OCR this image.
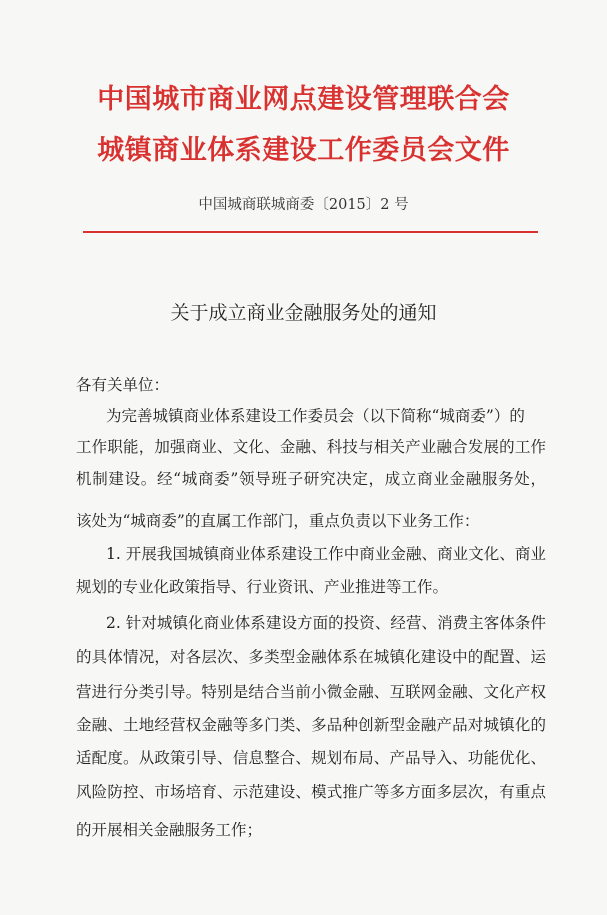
中国城市商业网点建设管理联合会
城镇商业体系建设工作委员会文件
中国城商联城商委〔2015〕2 号
关于成立商业金融服务处的通知
各有关单位：
为完善城镇商业体系建设工作委员会（以下简称“城商委”）的
工作职能，加强商业、文化、金融、科技与相关产业融合发展的工作
机制建设。经“城商委”领导班子研究决定，成立商业金融服务处，
该处为“城商委”的直属工作部门，重点负责以下业务工作：
1. 开展我国城镇商业体系建设工作中商业金融、商业文化、商业
规划的专业化政策指导、行业资讯、产业推进等工作。
2. 针对城镇化商业体系建设方面的投资、经营、消费主客体条件
的具体情况，对各层次、多类型金融体系在城镇化建设中的配置、运
营进行分类引导。特别是结合当前小微金融、互联网金融、文化产权
金融、土地经营权金融等多门类、多品种创新型金融产品对城镇化的
适配度。从政策引导、信息整合、规划布局、产品导入、功能优化、
风险防控、市场培育、示范建设、模式推广等多方面多层次，有重点
的开展相关金融服务工作；
